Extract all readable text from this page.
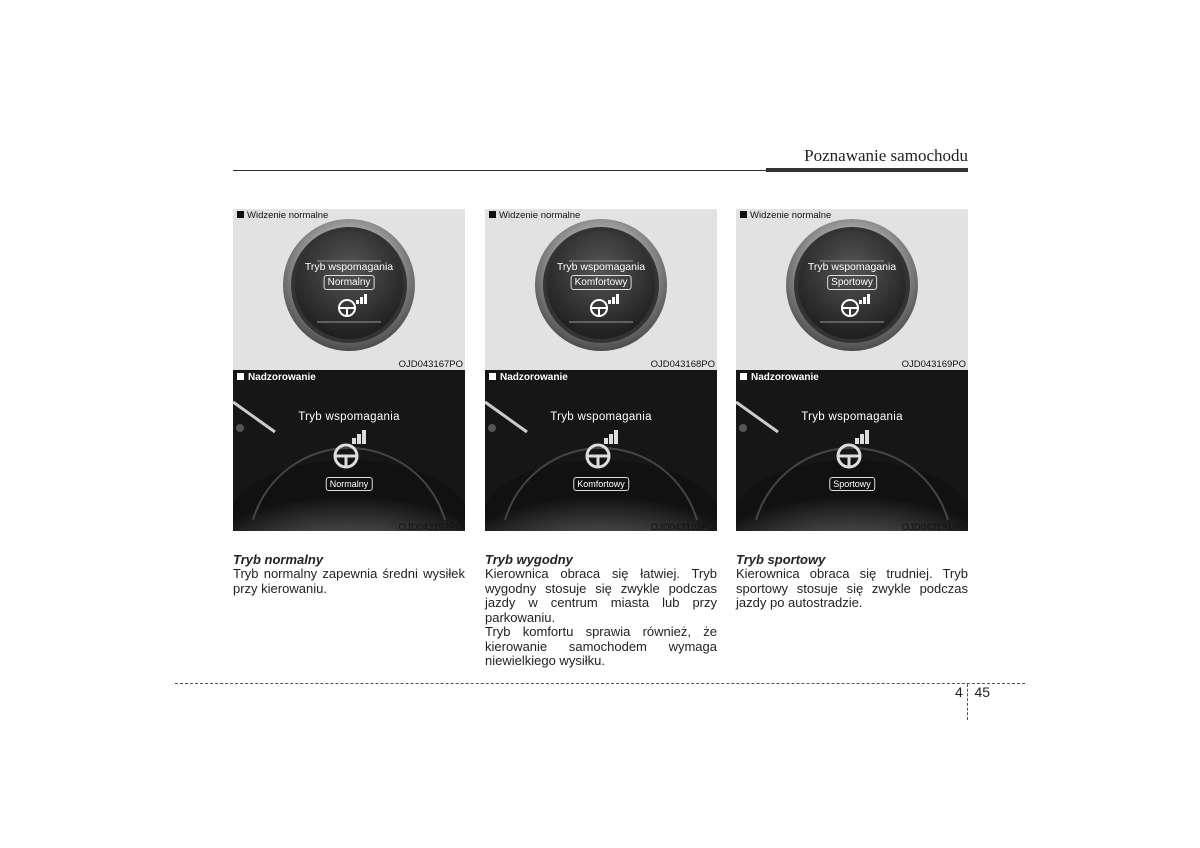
Poznawanie samochodu
Widzenie normalne
Tryb wspomagania
Normalny
OJD043167PO
Nadzorowanie
Tryb wspomagania
Normalny
OJD043192PO
Tryb normalny

Tryb normalny zapewnia średni wysiłek przy kierowaniu.

Widzenie normalne
Tryb wspomagania
Komfortowy
OJD043168PO
Nadzorowanie
Tryb wspomagania
Komfortowy
OJD043193PO
Tryb wygodny

Kierownica obraca się łatwiej. Tryb wygodny stosuje się zwykle podczas jazdy w centrum miasta lub przy parkowaniu.

Tryb komfortu sprawia również, że kierowanie samochodem wymaga niewielkiego wysiłku.

Widzenie normalne
Tryb wspomagania
Sportowy
OJD043169PO
Nadzorowanie
Tryb wspomagania
Sportowy
OJD043191PO
Tryb sportowy

Kierownica obraca się trudniej. Tryb sportowy stosuje się zwykle podczas jazdy po autostradzie.

4 45
